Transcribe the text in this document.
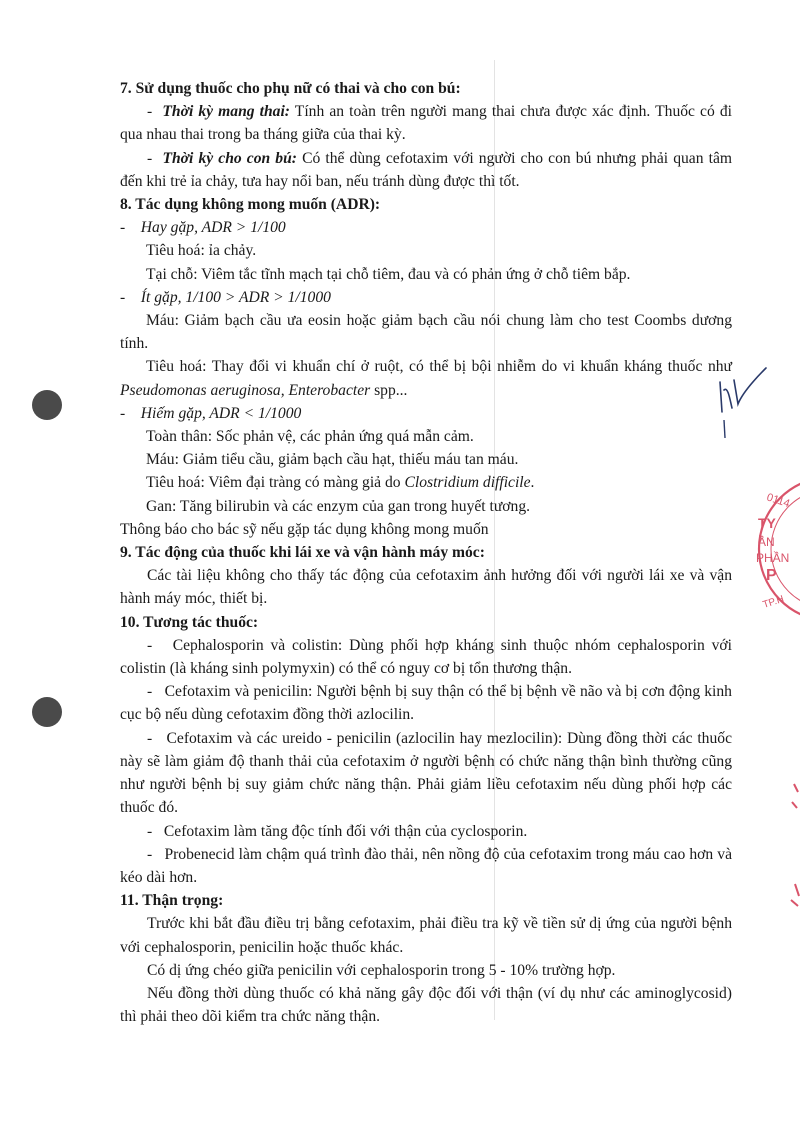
7. Sử dụng thuốc cho phụ nữ có thai và cho con bú:

- Thời kỳ mang thai: Tính an toàn trên người mang thai chưa được xác định. Thuốc có đi qua nhau thai trong ba tháng giữa của thai kỳ.

- Thời kỳ cho con bú: Có thể dùng cefotaxim với người cho con bú nhưng phải quan tâm đến khi trẻ ỉa chảy, tưa hay nổi ban, nếu tránh dùng được thì tốt.

8. Tác dụng không mong muốn (ADR):

- Hay gặp, ADR > 1/100

Tiêu hoá: ỉa chảy.

Tại chỗ: Viêm tắc tĩnh mạch tại chỗ tiêm, đau và có phản ứng ở chỗ tiêm bắp.

- Ít gặp, 1/100 > ADR > 1/1000

Máu: Giảm bạch cầu ưa eosin hoặc giảm bạch cầu nói chung làm cho test Coombs dương tính.

Tiêu hoá: Thay đổi vi khuẩn chí ở ruột, có thể bị bội nhiễm do vi khuẩn kháng thuốc như Pseudomonas aeruginosa, Enterobacter spp...

- Hiếm gặp, ADR < 1/1000

Toàn thân: Sốc phản vệ, các phản ứng quá mẫn cảm.

Máu: Giảm tiểu cầu, giảm bạch cầu hạt, thiếu máu tan máu.

Tiêu hoá: Viêm đại tràng có màng giả do Clostridium difficile.

Gan: Tăng bilirubin và các enzym của gan trong huyết tương.

Thông báo cho bác sỹ nếu gặp tác dụng không mong muốn

9. Tác động của thuốc khi lái xe và vận hành máy móc:

Các tài liệu không cho thấy tác động của cefotaxim ảnh hưởng đối với người lái xe và vận hành máy móc, thiết bị.

10. Tương tác thuốc:

- Cephalosporin và colistin: Dùng phối hợp kháng sinh thuộc nhóm cephalosporin với colistin (là kháng sinh polymyxin) có thể có nguy cơ bị tổn thương thận.

- Cefotaxim và penicilin: Người bệnh bị suy thận có thể bị bệnh về não và bị cơn động kinh cục bộ nếu dùng cefotaxim đồng thời azlocilin.

- Cefotaxim và các ureido - penicilin (azlocilin hay mezlocilin): Dùng đồng thời các thuốc này sẽ làm giảm độ thanh thải của cefotaxim ở người bệnh có chức năng thận bình thường cũng như người bệnh bị suy giảm chức năng thận. Phải giảm liều cefotaxim nếu dùng phối hợp các thuốc đó.

- Cefotaxim làm tăng độc tính đối với thận của cyclosporin.

- Probenecid làm chậm quá trình đào thải, nên nồng độ của cefotaxim trong máu cao hơn và kéo dài hơn.

11. Thận trọng:

Trước khi bắt đầu điều trị bằng cefotaxim, phải điều tra kỹ về tiền sử dị ứng của người bệnh với cephalosporin, penicilin hoặc thuốc khác.

Có dị ứng chéo giữa penicilin với cephalosporin trong 5 - 10% trường hợp.

Nếu đồng thời dùng thuốc có khả năng gây độc đối với thận (ví dụ như các aminoglycosid) thì phải theo dõi kiểm tra chức năng thận.

0114
TY
ẦN
PHẦN
P
TP.H
